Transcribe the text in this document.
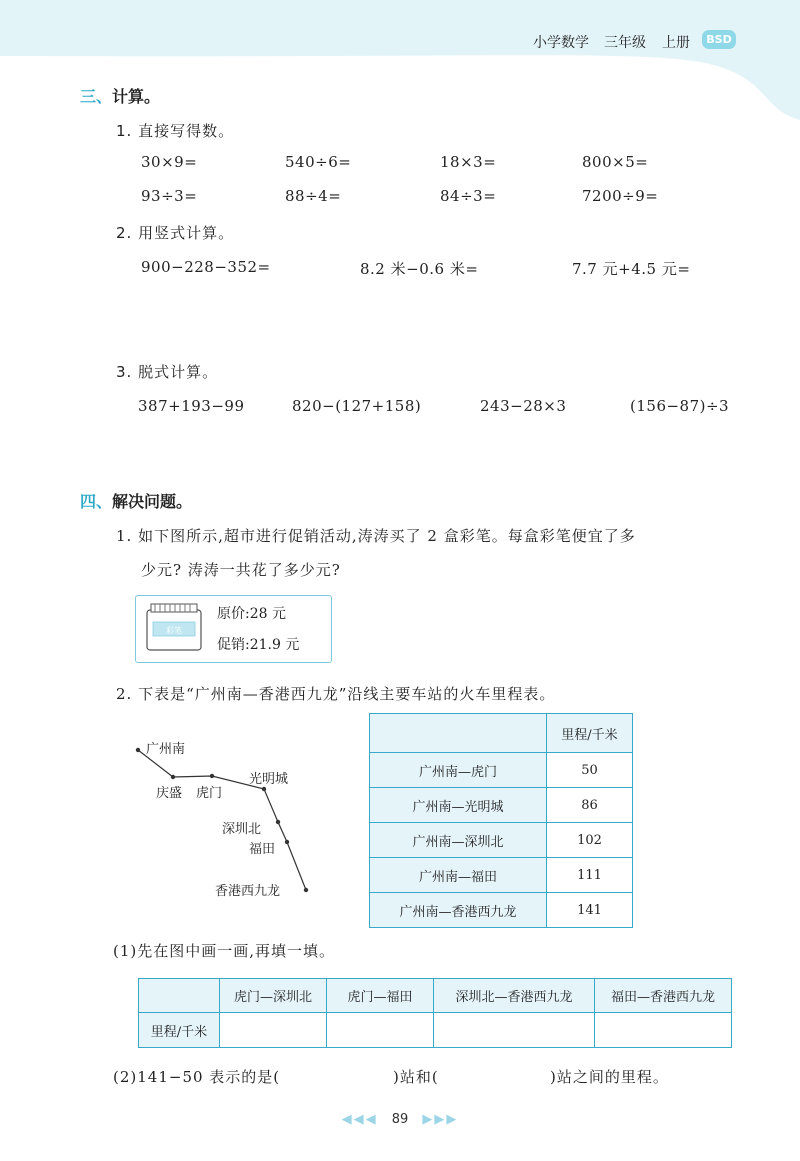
小学数学 三年级 上册	BSD
三、计算。
1. 直接写得数。
30×9=	540÷6=	18×3=	800×5=
93÷3=	88÷4=	84÷3=	7200÷9=
2. 用竖式计算。
900−228−352=	8.2 米−0.6 米=	7.7 元+4.5 元=
3. 脱式计算。
387+193−99	820−(127+158)	243−28×3	(156−87)÷3
四、解决问题。
1. 如下图所示,超市进行促销活动,涛涛买了 2 盒彩笔。每盒彩笔便宜了多
少元? 涛涛一共花了多少元?
彩笔
原价:28 元
促销:21.9 元
2. 下表是“广州南—香港西九龙”沿线主要车站的火车里程表。
广州南
庆盛 虎门
光明城
深圳北
福田
香港西九龙
	里程/千米
广州南—虎门	50
广州南—光明城	86
广州南—深圳北	102
广州南—福田	111
广州南—香港西九龙	141
(1)先在图中画一画,再填一填。
	虎门—深圳北	虎门—福田	深圳北—香港西九龙	福田—香港西九龙
里程/千米				
(2)141−50 表示的是(	)站和(	)站之间的里程。
◀◀◀ 89 ▶▶▶
